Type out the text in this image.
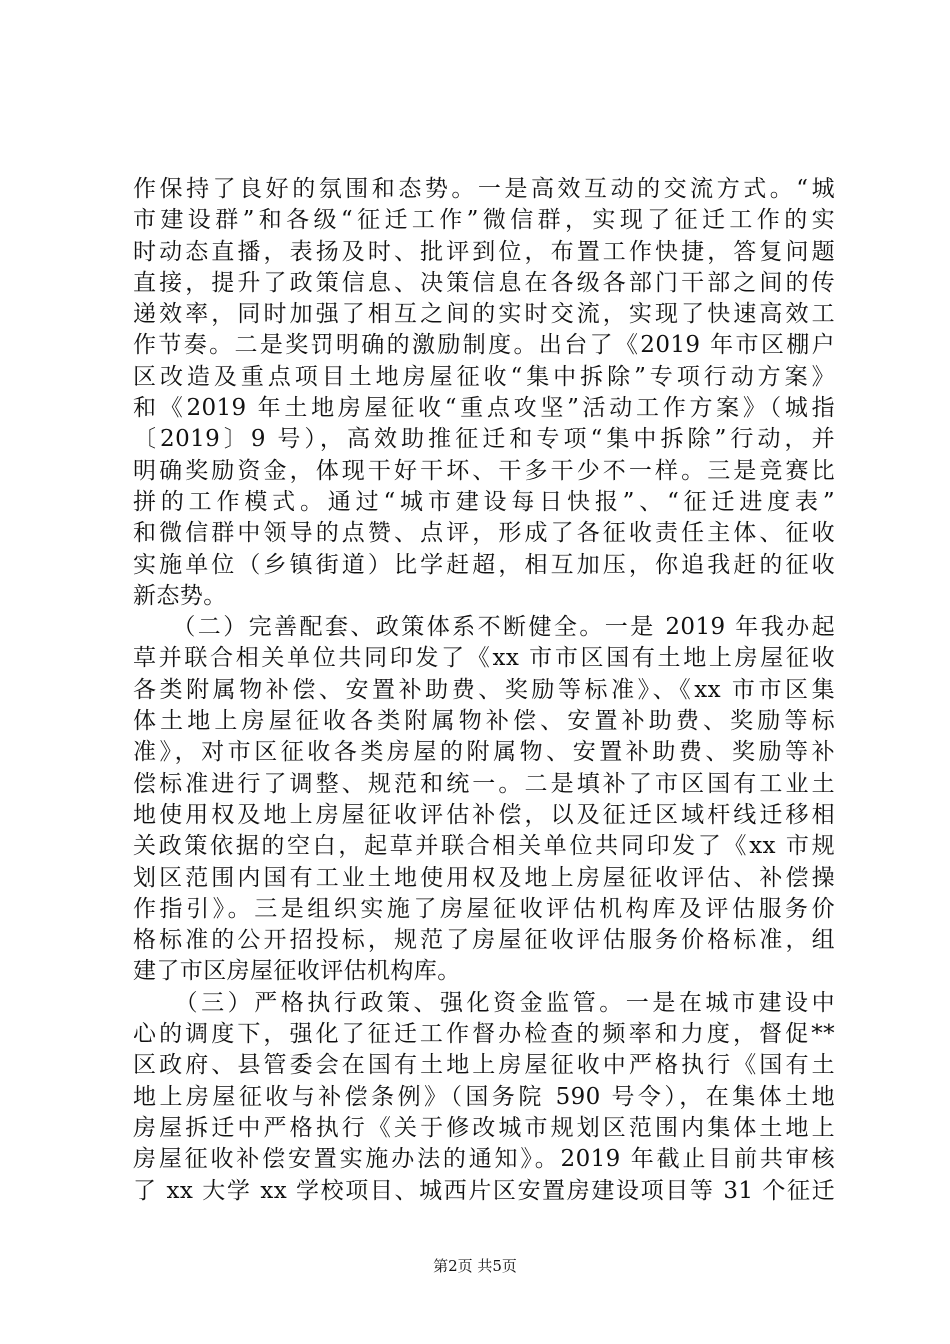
作保持了良好的氛围和态势。一是高效互动的交流方式。“城
市建设群”和各级“征迁工作”微信群，实现了征迁工作的实
时动态直播，表扬及时、批评到位，布置工作快捷，答复问题
直接，提升了政策信息、决策信息在各级各部门干部之间的传
递效率，同时加强了相互之间的实时交流，实现了快速高效工
作节奏。二是奖罚明确的激励制度。出台了《2019 年市区棚户
区改造及重点项目土地房屋征收“集中拆除”专项行动方案》
和《2019 年土地房屋征收“重点攻坚”活动工作方案》（城指
〔2019〕9 号），高效助推征迁和专项“集中拆除”行动，并
明确奖励资金，体现干好干坏、干多干少不一样。三是竞赛比
拼的工作模式。通过“城市建设每日快报”、“征迁进度表”
和微信群中领导的点赞、点评，形成了各征收责任主体、征收
实施单位（乡镇街道）比学赶超，相互加压，你追我赶的征收
新态势。
　　（二）完善配套、政策体系不断健全。一是 2019 年我办起
草并联合相关单位共同印发了《xx 市市区国有土地上房屋征收
各类附属物补偿、安置补助费、奖励等标准》、《xx 市市区集
体土地上房屋征收各类附属物补偿、安置补助费、奖励等标
准》，对市区征收各类房屋的附属物、安置补助费、奖励等补
偿标准进行了调整、规范和统一。二是填补了市区国有工业土
地使用权及地上房屋征收评估补偿，以及征迁区域杆线迁移相
关政策依据的空白，起草并联合相关单位共同印发了《xx 市规
划区范围内国有工业土地使用权及地上房屋征收评估、补偿操
作指引》。三是组织实施了房屋征收评估机构库及评估服务价
格标准的公开招投标，规范了房屋征收评估服务价格标准，组
建了市区房屋征收评估机构库。
　　（三）严格执行政策、强化资金监管。一是在城市建设中
心的调度下，强化了征迁工作督办检查的频率和力度，督促**
区政府、县管委会在国有土地上房屋征收中严格执行《国有土
地上房屋征收与补偿条例》（国务院 590 号令），在集体土地
房屋拆迁中严格执行《关于修改城市规划区范围内集体土地上
房屋征收补偿安置实施办法的通知》。2019 年截止目前共审核
了 xx 大学 xx 学校项目、城西片区安置房建设项目等 31 个征迁
第2页 共5页
